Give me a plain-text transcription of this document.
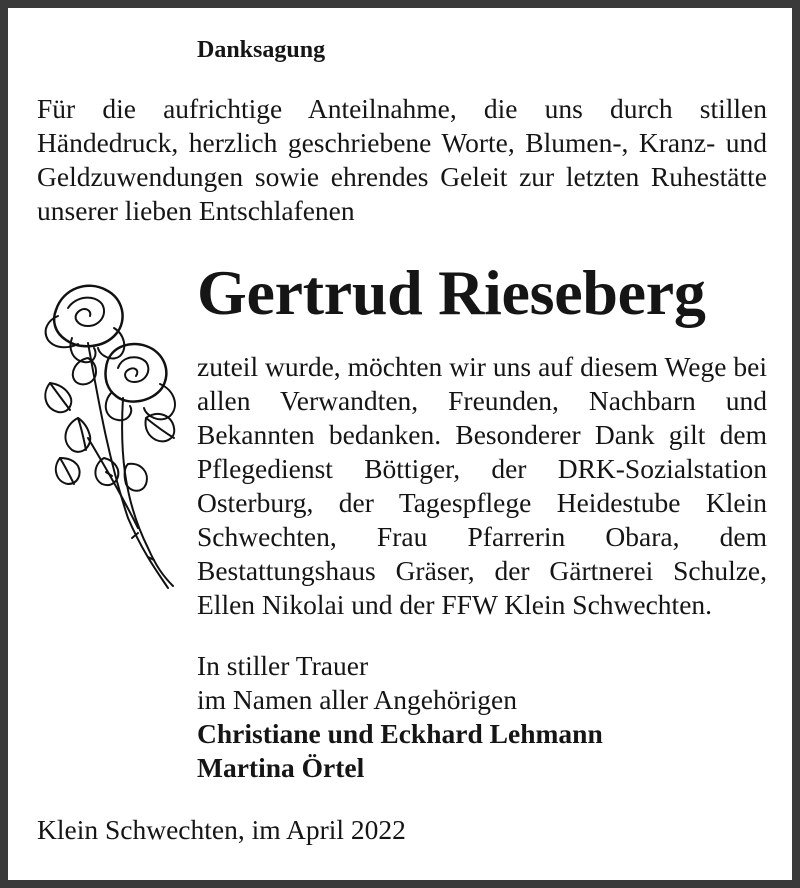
Danksagung

Für die aufrichtige Anteilnahme, die uns durch stillen Händedruck, herzlich geschriebene Worte, Blumen-, Kranz- und Geldzuwendungen sowie ehrendes Geleit zur letzten Ruhestätte unserer lieben Entschlafenen

Gertrud Rieseberg

zuteil wurde, möchten wir uns auf diesem Wege bei allen Verwandten, Freunden, Nachbarn und Bekannten bedanken. Besonderer Dank gilt dem Pflegedienst Böttiger, der DRK-Sozialstation Osterburg, der Tagespflege Heidestube Klein Schwechten, Frau Pfarrerin Obara, dem Bestattungshaus Gräser, der Gärtnerei Schulze, Ellen Nikolai und der FFW Klein Schwechten.

In stiller Trauer
im Namen aller Angehörigen
Christiane und Eckhard Lehmann
Martina Örtel

Klein Schwechten, im April 2022
